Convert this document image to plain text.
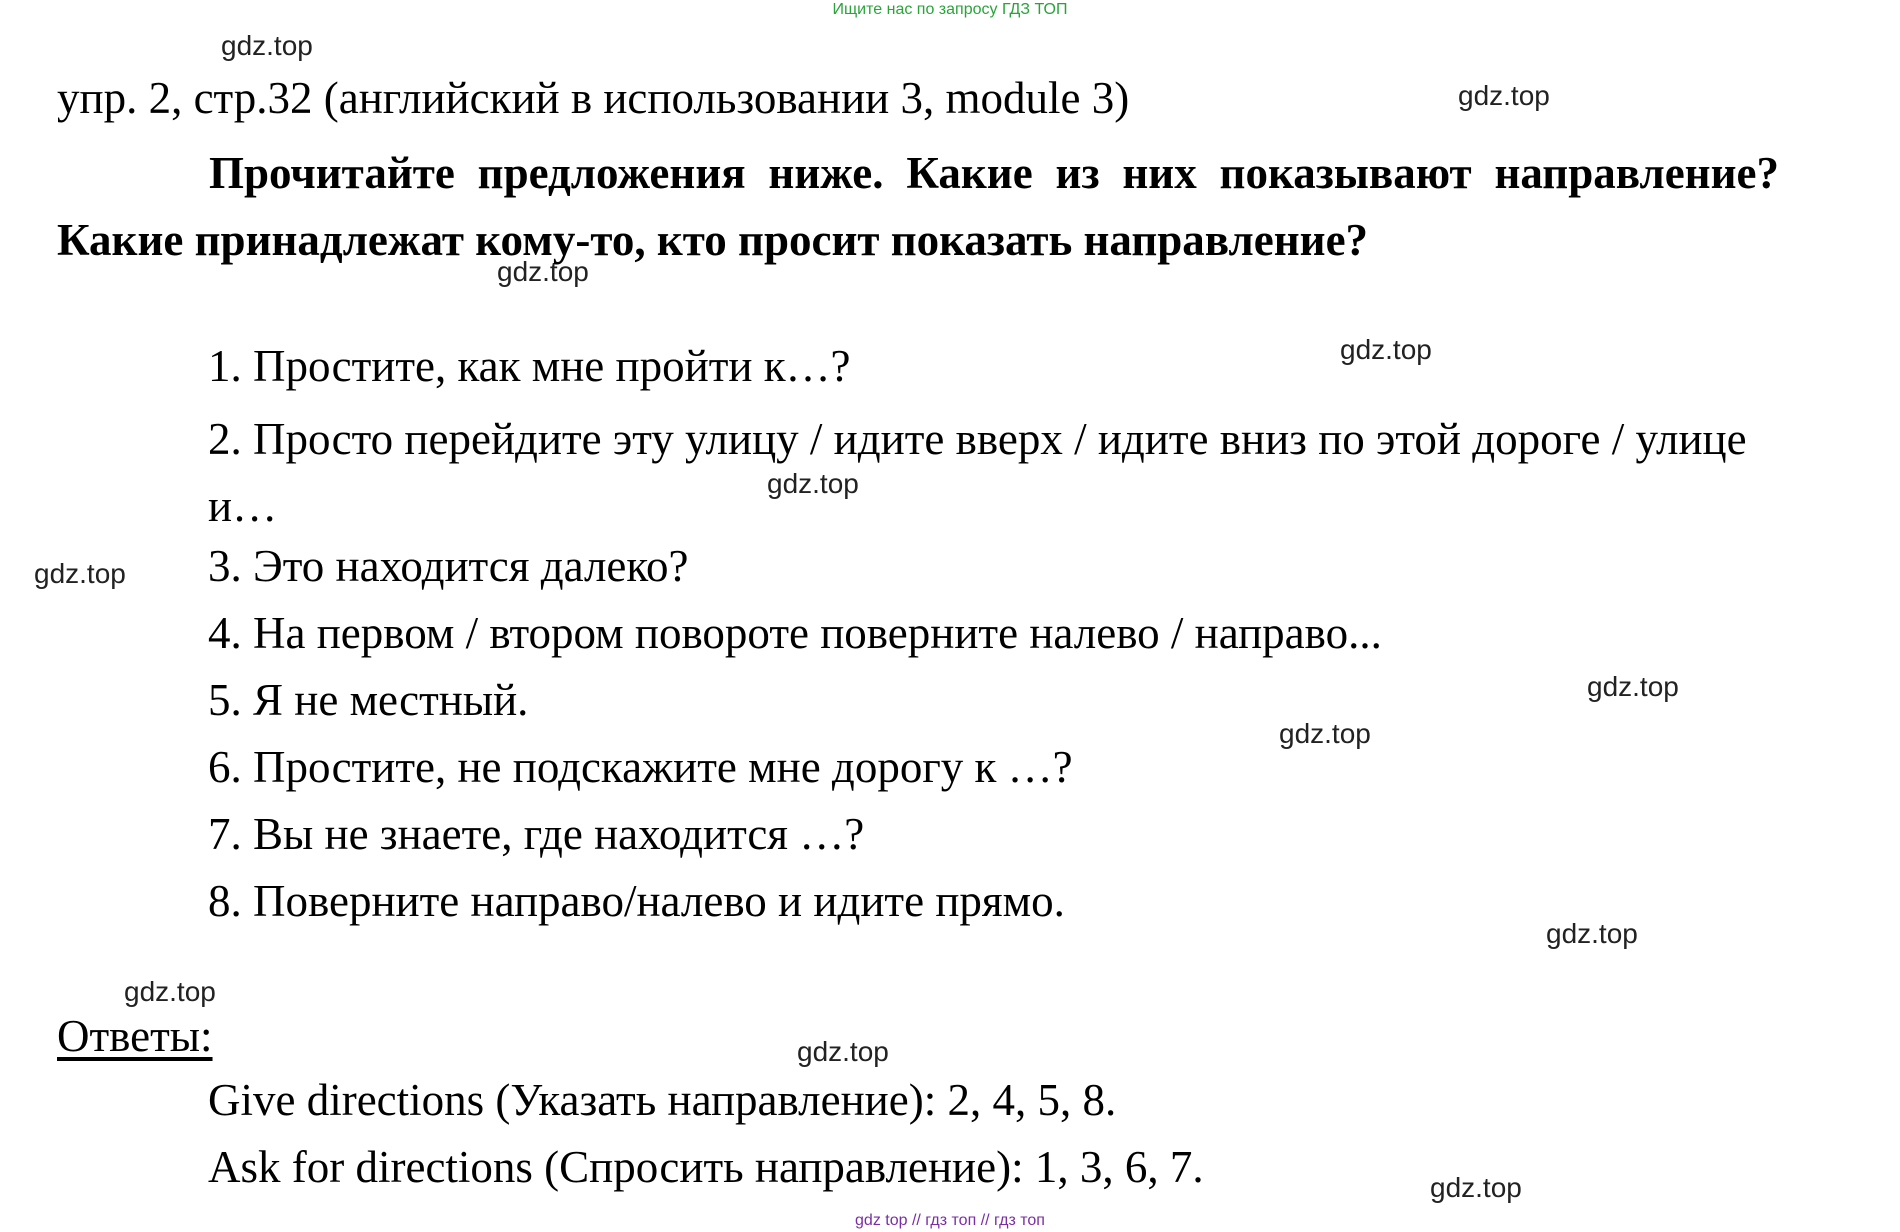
Ищите нас по запросу ГДЗ ТОП
gdz.top
gdz.top
gdz.top
gdz.top
gdz.top
gdz.top
gdz.top
gdz.top
gdz.top
gdz.top
gdz.top
gdz.top
упр. 2, стр.32 (английский в использовании 3, module 3)
Прочитайте предложения ниже. Какие из них показывают направление? Какие принадлежат кому-то, кто просит показать направление?
1. Простите, как мне пройти к…?
2. Просто перейдите эту улицу / идите вверх / идите вниз по этой дороге / улице и…
3. Это находится далеко?
4. На первом / втором повороте поверните налево / направо...
5. Я не местный.
6. Простите, не подскажите мне дорогу к …?
7. Вы не знаете, где находится …?
8. Поверните направо/налево и идите прямо.
Ответы:
Give directions (Указать направление): 2, 4, 5, 8.
Ask for directions (Спросить направление): 1, 3, 6, 7.
gdz top // гдз топ // гдз топ
